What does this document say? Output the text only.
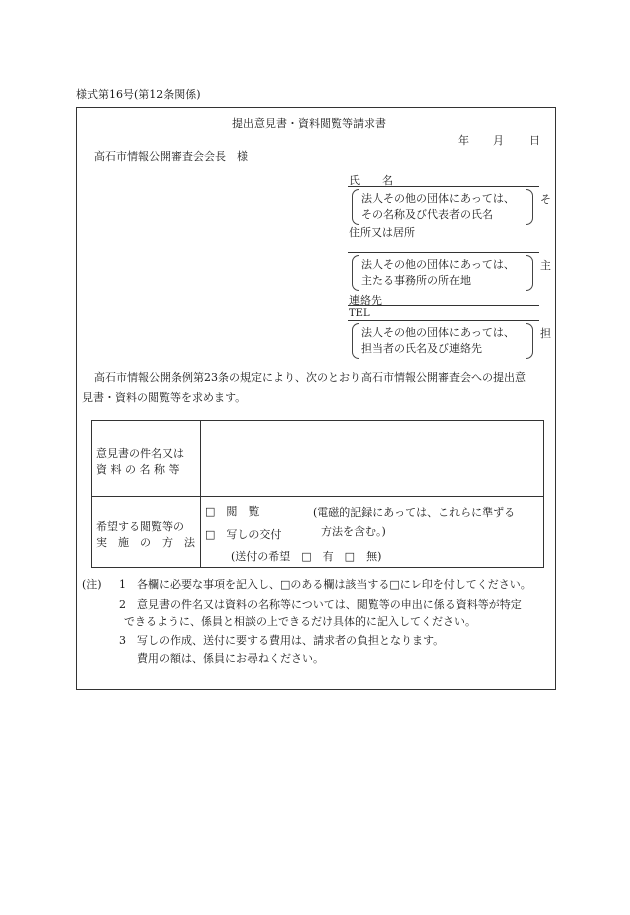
様式第16号(第12条関係)
提出意見書・資料閲覧等請求書
年 月 日
高石市情報公開審査会会長　様
氏　　名
法人その他の団体にあっては、
その名称及び代表者の氏名
そ
住所又は居所
法人その他の団体にあっては、
主たる事務所の所在地
主
連絡先
TEL
法人その他の団体にあっては、
担当者の氏名及び連絡先
担
高石市情報公開条例第23条の規定により、次のとおり高石市情報公開審査会への提出意
見書・資料の閲覧等を求めます。
意見書の件名又は
資 料 の 名 称 等
希望する閲覧等の
実　施　の　方　法
□　閲　覧
□　写しの交付
(電磁的記録にあっては、これらに準ずる
方法を含む。)
(送付の希望　□　有　□　無)
(注) 1　各欄に必要な事項を記入し、□のある欄は該当する□にレ印を付してください。
2　意見書の件名又は資料の名称等については、閲覧等の申出に係る資料等が特定
できるように、係員と相談の上できるだけ具体的に記入してください。
3　写しの作成、送付に要する費用は、請求者の負担となります。
費用の額は、係員にお尋ねください。
